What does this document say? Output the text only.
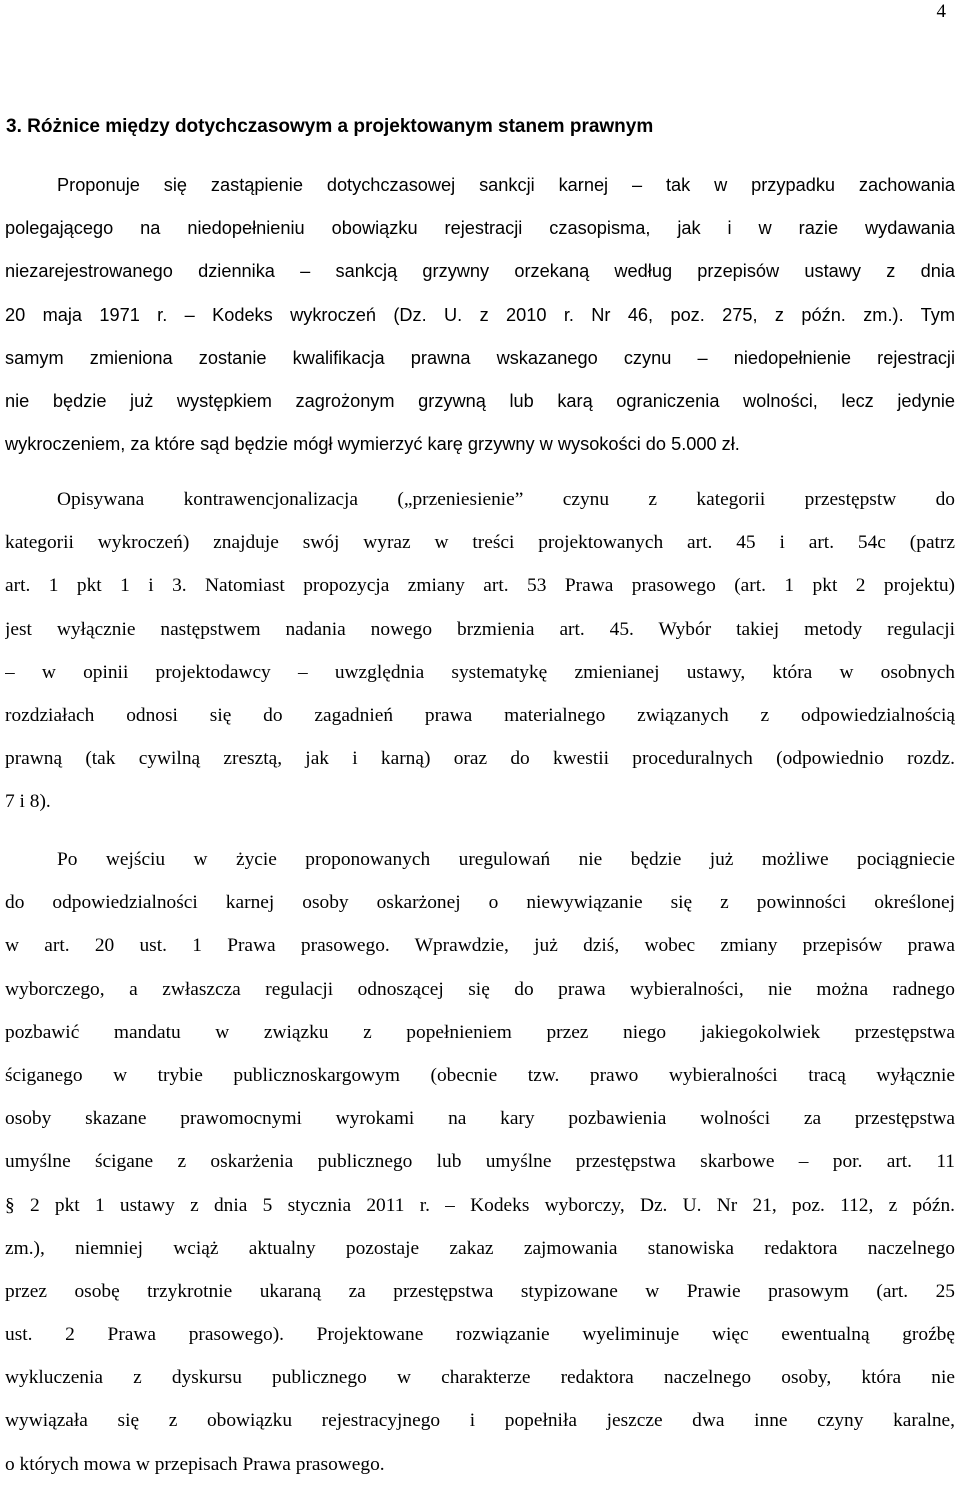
4
3. Różnice między dotychczasowym a projektowanym stanem prawnym
Proponuje się zastąpienie dotychczasowej sankcji karnej – tak w przypadku zachowania
polegającego na niedopełnieniu obowiązku rejestracji czasopisma, jak i w razie wydawania
niezarejestrowanego dziennika – sankcją grzywny orzekaną według przepisów ustawy z dnia
20 maja 1971 r. – Kodeks wykroczeń (Dz. U. z 2010 r. Nr 46, poz. 275, z późn. zm.). Tym
samym zmieniona zostanie kwalifikacja prawna wskazanego czynu – niedopełnienie rejestracji
nie będzie już występkiem zagrożonym grzywną lub karą ograniczenia wolności, lecz jedynie
wykroczeniem, za które sąd będzie mógł wymierzyć karę grzywny w wysokości do 5.000 zł.
Opisywana kontrawencjonalizacja („przeniesienie” czynu z kategorii przestępstw do
kategorii wykroczeń) znajduje swój wyraz w treści projektowanych art. 45 i art. 54c (patrz
art. 1 pkt 1 i 3. Natomiast propozycja zmiany art. 53 Prawa prasowego (art. 1 pkt 2 projektu)
jest wyłącznie następstwem nadania nowego brzmienia art. 45. Wybór takiej metody regulacji
– w opinii projektodawcy – uwzględnia systematykę zmienianej ustawy, która w osobnych
rozdziałach odnosi się do zagadnień prawa materialnego związanych z odpowiedzialnością
prawną (tak cywilną zresztą, jak i karną) oraz do kwestii proceduralnych (odpowiednio rozdz.
7 i 8).
Po wejściu w życie proponowanych uregulowań nie będzie już możliwe pociągniecie
do odpowiedzialności karnej osoby oskarżonej o niewywiązanie się z powinności określonej
w art. 20 ust. 1 Prawa prasowego. Wprawdzie, już dziś, wobec zmiany przepisów prawa
wyborczego, a zwłaszcza regulacji odnoszącej się do prawa wybieralności, nie można radnego
pozbawić mandatu w związku z popełnieniem przez niego jakiegokolwiek przestępstwa
ściganego w trybie publicznoskargowym (obecnie tzw. prawo wybieralności tracą wyłącznie
osoby skazane prawomocnymi wyrokami na kary pozbawienia wolności za przestępstwa
umyślne ścigane z oskarżenia publicznego lub umyślne przestępstwa skarbowe – por. art. 11
§ 2 pkt 1 ustawy z dnia 5 stycznia 2011 r. – Kodeks wyborczy, Dz. U. Nr 21, poz. 112, z późn.
zm.), niemniej wciąż aktualny pozostaje zakaz zajmowania stanowiska redaktora naczelnego
przez osobę trzykrotnie ukaraną za przestępstwa stypizowane w Prawie prasowym (art. 25
ust. 2 Prawa prasowego). Projektowane rozwiązanie wyeliminuje więc ewentualną groźbę
wykluczenia z dyskursu publicznego w charakterze redaktora naczelnego osoby, która nie
wywiązała się z obowiązku rejestracyjnego i popełniła jeszcze dwa inne czyny karalne,
o których mowa w przepisach Prawa prasowego.
